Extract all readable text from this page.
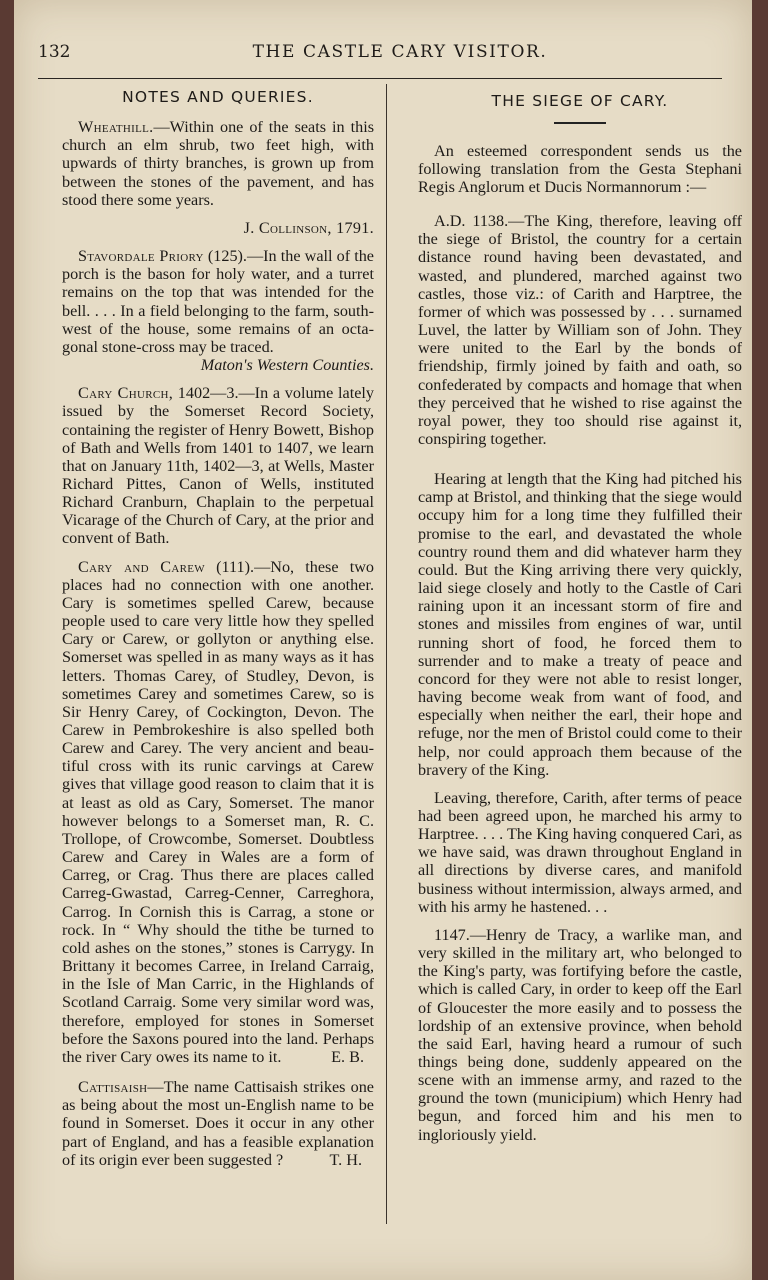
132	THE CASTLE CARY VISITOR.
NOTES AND QUERIES.

Wheathill.—Within one of the seats in this church an elm shrub, two feet high, with upwards of thirty branches, is grown up from between the stones of the pavement, and has stood there some years.

J. Collinson, 1791.

Stavordale Priory (125).—In the wall of the porch is the bason for holy water, and a turret remains on the top that was intended for the bell. . . . In a field belonging to the farm, south-west of the house, some remains of an octagonal stone-cross may be traced.

Maton's Western Counties.

Cary Church, 1402—3.—In a volume lately issued by the Somerset Record Society, containing the register of Henry Bowett, Bishop of Bath and Wells from 1401 to 1407, we learn that on January 11th, 1402—3, at Wells, Master Richard Pittes, Canon of Wells, instituted Richard Cranburn, Chaplain to the perpetual Vicarage of the Church of Cary, at the prior and convent of Bath.

Cary and Carew (111).—No, these two places had no connection with one another. Cary is sometimes spelled Carew, because people used to care very little how they spelled Cary or Carew, or gollyton or anything else. Somerset was spelled in as many ways as it has letters. Thomas Carey, of Studley, Devon, is sometimes Carey and sometimes Carew, so is Sir Henry Carey, of Cockington, Devon. The Carew in Pembrokeshire is also spelled both Carew and Carey. The very ancient and beautiful cross with its runic carvings at Carew gives that village good reason to claim that it is at least as old as Cary, Somerset. The manor however belongs to a Somerset man, R. C. Trollope, of Crowcombe, Somerset. Doubtless Carew and Carey in Wales are a form of Carreg, or Crag. Thus there are places called Carreg-Gwastad, Carreg-Cenner, Carreghora, Carrog. In Cornish this is Carrag, a stone or rock. In “ Why should the tithe be turned to cold ashes on the stones,” stones is Carrygy. In Brittany it becomes Carree, in Ireland Carraig, in the Isle of Man Carric, in the Highlands of Scotland Carraig. Some very similar word was, therefore, employed for stones in Somerset before the Saxons poured into the land. Perhaps the river Cary owes its name to it.	E. B.

Cattisaish—The name Cattisaish strikes one as being about the most un-English name to be found in Somerset. Does it occur in any other part of England, and has a feasible explanation of its origin ever been suggested ?	T. H.
THE SIEGE OF CARY.

An esteemed correspondent sends us the following translation from the Gesta Stephani Regis Anglorum et Ducis Normannorum :—

A.D. 1138.—The King, therefore, leaving off the siege of Bristol, the country for a certain distance round having been devastated, and wasted, and plundered, marched against two castles, those viz.: of Carith and Harptree, the former of which was possessed by . . . surnamed Luvel, the latter by William son of John. They were united to the Earl by the bonds of friendship, firmly joined by faith and oath, so confederated by compacts and homage that when they perceived that he wished to rise against the royal power, they too should rise against it, conspiring together.

Hearing at length that the King had pitched his camp at Bristol, and thinking that the siege would occupy him for a long time they fulfilled their promise to the earl, and devastated the whole country round them and did whatever harm they could. But the King arriving there very quickly, laid siege closely and hotly to the Castle of Cari raining upon it an incessant storm of fire and stones and missiles from engines of war, until running short of food, he forced them to surrender and to make a treaty of peace and concord for they were not able to resist longer, having become weak from want of food, and especially when neither the earl, their hope and refuge, nor the men of Bristol could come to their help, nor could approach them because of the bravery of the King.

Leaving, therefore, Carith, after terms of peace had been agreed upon, he marched his army to Harptree. . . . The King having conquered Cari, as we have said, was drawn throughout England in all directions by diverse cares, and manifold business without intermission, always armed, and with his army he hastened. . .

1147.—Henry de Tracy, a warlike man, and very skilled in the military art, who belonged to the King's party, was fortifying before the castle, which is called Cary, in order to keep off the Earl of Gloucester the more easily and to possess the lordship of an extensive province, when behold the said Earl, having heard a rumour of such things being done, suddenly appeared on the scene with an immense army, and razed to the ground the town (municipium) which Henry had begun, and forced him and his men to ingloriously yield.
